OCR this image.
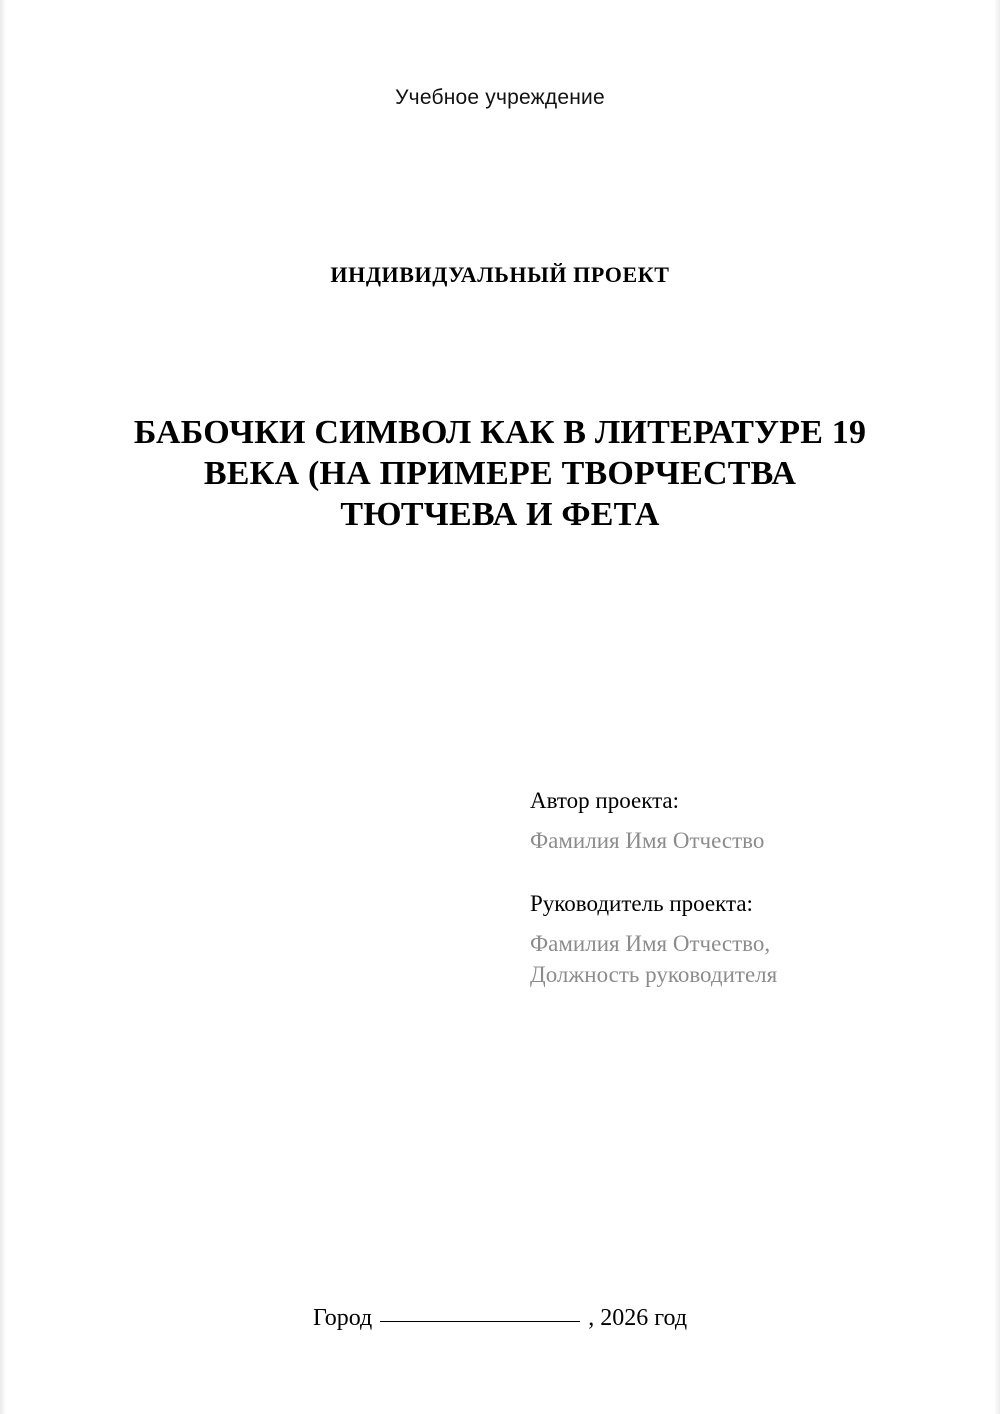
Учебное учреждение
ИНДИВИДУАЛЬНЫЙ ПРОЕКТ
БАБОЧКИ СИМВОЛ КАК В ЛИТЕРАТУРЕ 19 ВЕКА (НА ПРИМЕРЕ ТВОРЧЕСТВА ТЮТЧЕВА И ФЕТА
Автор проекта:
Фамилия Имя Отчество
Руководитель проекта:
Фамилия Имя Отчество,
Должность руководителя
Город	, 2026 год
